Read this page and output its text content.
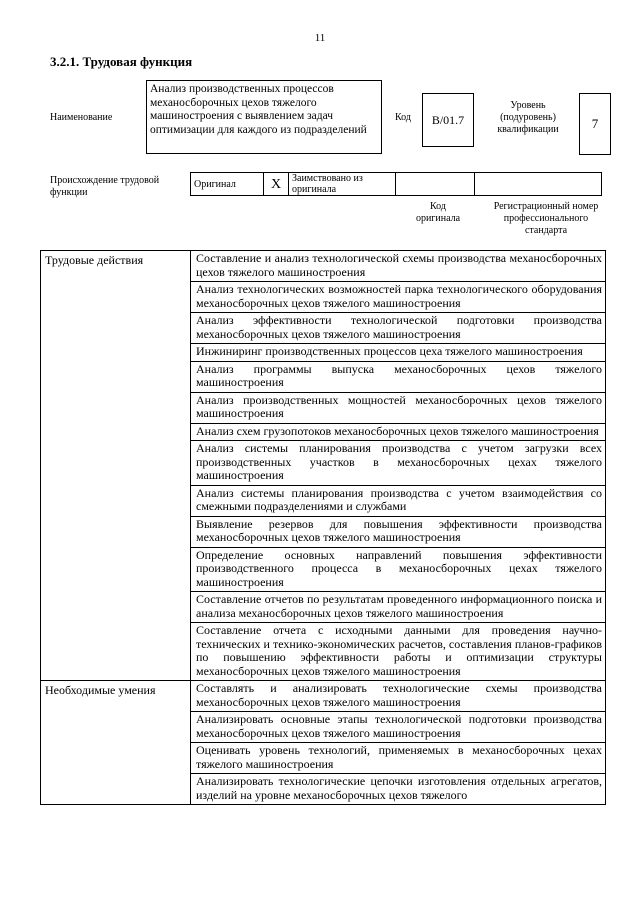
11
3.2.1. Трудовая функция
Наименование
Анализ производственных процессов механосборочных цехов тяжелого машиностроения с выявлением задач оптимизации для каждого из подразделений
Код	B/01.7
Уровень (подуровень) квалификации	7
Происхождение трудовой функции
Оригинал	X	Заимствовано из оригинала		
Код оригинала
Регистрационный номер профессионального стандарта
Трудовые действия	Составление и анализ технологической схемы производства механосборочных цехов тяжелого машиностроения
	Анализ технологических возможностей парка технологического оборудования механосборочных цехов тяжелого машиностроения
	Анализ эффективности технологической подготовки производства механосборочных цехов тяжелого машиностроения
	Инжиниринг производственных процессов цеха тяжелого машиностроения
	Анализ программы выпуска механосборочных цехов тяжелого машиностроения
	Анализ производственных мощностей механосборочных цехов тяжелого машиностроения
	Анализ схем грузопотоков механосборочных цехов тяжелого машиностроения
	Анализ системы планирования производства с учетом загрузки всех производственных участков в механосборочных цехах тяжелого машиностроения
	Анализ системы планирования производства с учетом взаимодействия со смежными подразделениями и службами
	Выявление резервов для повышения эффективности производства механосборочных цехов тяжелого машиностроения
	Определение основных направлений повышения эффективности производственного процесса в механосборочных цехах тяжелого машиностроения
	Составление отчетов по результатам проведенного информационного поиска и анализа механосборочных цехов тяжелого машиностроения
	Составление отчета с исходными данными для проведения научно-технических и технико-экономических расчетов, составления планов-графиков по повышению эффективности работы и оптимизации структуры механосборочных цехов тяжелого машиностроения
Необходимые умения	Составлять и анализировать технологические схемы производства механосборочных цехов тяжелого машиностроения
	Анализировать основные этапы технологической подготовки производства механосборочных цехов тяжелого машиностроения
	Оценивать уровень технологий, применяемых в механосборочных цехах тяжелого машиностроения
	Анализировать технологические цепочки изготовления отдельных агрегатов, изделий на уровне механосборочных цехов тяжелого
